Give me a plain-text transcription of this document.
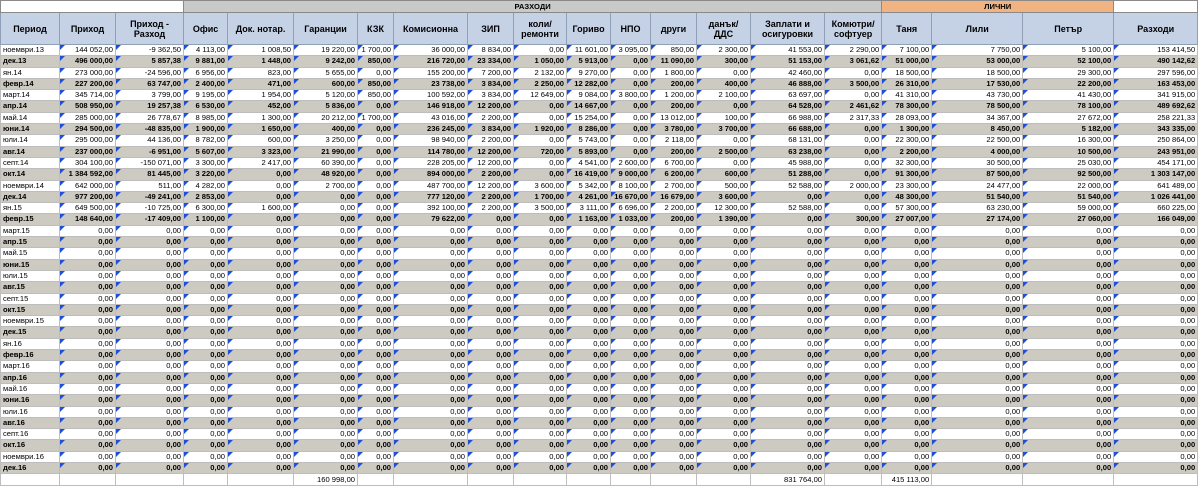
			РАЗХОДИ													ЛИЧНИ			
Период	Приход	Приход - Разход	Офис	Док. нотар.	Гаранции	КЗК	Комисионна	ЗИП	коли/ ремонти	Гориво	НПО	други	данък/ ДДС	Заплати и осигуровки	Комютри/ софтуер	Таня	Лили	Петър	Разходи
ноември.13	144 052,00	-9 362,50	4 113,00	1 008,50	19 220,00	1 700,00	36 000,00	8 834,00	0,00	11 601,00	3 095,00	850,00	2 300,00	41 553,00	2 290,00	7 100,00	7 750,00	5 100,00	153 414,50
дек.13	496 000,00	5 857,38	9 881,00	1 448,00	9 242,00	850,00	216 720,00	23 334,00	1 050,00	5 913,00	0,00	11 090,00	300,00	51 153,00	3 061,62	51 000,00	53 000,00	52 100,00	490 142,62
ян.14	273 000,00	-24 596,00	6 956,00	823,00	5 655,00	0,00	155 200,00	7 200,00	2 132,00	9 270,00	0,00	1 800,00	0,00	42 460,00	0,00	18 500,00	18 500,00	29 300,00	297 596,00
февр.14	227 200,00	63 747,00	2 400,00	471,00	600,00	850,00	23 738,00	3 834,00	2 250,00	12 282,00	0,00	200,00	400,00	46 888,00	3 500,00	26 310,00	17 530,00	22 200,00	163 453,00
март.14	345 714,00	3 799,00	9 195,00	1 954,00	5 120,00	850,00	100 592,00	3 834,00	12 649,00	9 084,00	3 800,00	1 200,00	2 100,00	63 697,00	0,00	41 310,00	43 730,00	41 430,00	341 915,00
апр.14	508 950,00	19 257,38	6 530,00	452,00	5 836,00	0,00	146 918,00	12 200,00	0,00	14 667,00	0,00	200,00	0,00	64 528,00	2 461,62	78 300,00	78 500,00	78 100,00	489 692,62
май.14	285 000,00	26 778,67	8 985,00	1 300,00	20 212,00	1 700,00	43 016,00	2 200,00	0,00	15 254,00	0,00	13 012,00	100,00	66 988,00	2 317,33	28 093,00	34 367,00	27 672,00	258 221,33
юни.14	294 500,00	-48 835,00	1 900,00	1 650,00	400,00	0,00	236 245,00	3 834,00	1 920,00	8 286,00	0,00	3 780,00	3 700,00	66 688,00	0,00	1 300,00	8 450,00	5 182,00	343 335,00
юли.14	295 000,00	44 136,00	8 782,00	600,00	3 250,00	0,00	98 940,00	2 200,00	0,00	5 743,00	0,00	2 118,00	0,00	68 131,00	0,00	22 300,00	22 500,00	16 300,00	250 864,00
авг.14	237 000,00	-6 951,00	5 607,00	3 323,00	21 990,00	0,00	114 780,00	12 200,00	720,00	5 893,00	0,00	200,00	2 500,00	63 238,00	0,00	2 200,00	4 000,00	10 500,00	243 951,00
септ.14	304 100,00	-150 071,00	3 300,00	2 417,00	60 390,00	0,00	228 205,00	12 200,00	0,00	4 541,00	2 600,00	6 700,00	0,00	45 988,00	0,00	32 300,00	30 500,00	25 030,00	454 171,00
окт.14	1 384 592,00	81 445,00	3 220,00	0,00	48 920,00	0,00	894 000,00	2 200,00	0,00	16 419,00	9 000,00	6 200,00	600,00	51 288,00	0,00	91 300,00	87 500,00	92 500,00	1 303 147,00
ноември.14	642 000,00	511,00	4 282,00	0,00	2 700,00	0,00	487 700,00	12 200,00	3 600,00	5 342,00	8 100,00	2 700,00	500,00	52 588,00	2 000,00	23 300,00	24 477,00	22 000,00	641 489,00
дек.14	977 200,00	-49 241,00	2 853,00	0,00	0,00	0,00	777 120,00	2 200,00	1 700,00	4 261,00	16 670,00	16 679,00	3 600,00	0,00	0,00	48 300,00	51 540,00	51 540,00	1 026 441,00
ян.15	649 500,00	-10 725,00	6 300,00	1 600,00	0,00	0,00	392 100,00	2 200,00	3 500,00	3 111,00	6 696,00	2 200,00	12 300,00	52 588,00	0,00	57 300,00	63 230,00	59 000,00	660 225,00
февр.15	148 640,00	-17 409,00	1 100,00	0,00	0,00	0,00	79 622,00	0,00	0,00	1 163,00	1 033,00	200,00	1 390,00	0,00	300,00	27 007,00	27 174,00	27 060,00	166 049,00
март.15	0,00	0,00	0,00	0,00	0,00	0,00	0,00	0,00	0,00	0,00	0,00	0,00	0,00	0,00	0,00	0,00	0,00	0,00	0,00
апр.15	0,00	0,00	0,00	0,00	0,00	0,00	0,00	0,00	0,00	0,00	0,00	0,00	0,00	0,00	0,00	0,00	0,00	0,00	0,00
май.15	0,00	0,00	0,00	0,00	0,00	0,00	0,00	0,00	0,00	0,00	0,00	0,00	0,00	0,00	0,00	0,00	0,00	0,00	0,00
юни.15	0,00	0,00	0,00	0,00	0,00	0,00	0,00	0,00	0,00	0,00	0,00	0,00	0,00	0,00	0,00	0,00	0,00	0,00	0,00
юли.15	0,00	0,00	0,00	0,00	0,00	0,00	0,00	0,00	0,00	0,00	0,00	0,00	0,00	0,00	0,00	0,00	0,00	0,00	0,00
авг.15	0,00	0,00	0,00	0,00	0,00	0,00	0,00	0,00	0,00	0,00	0,00	0,00	0,00	0,00	0,00	0,00	0,00	0,00	0,00
септ.15	0,00	0,00	0,00	0,00	0,00	0,00	0,00	0,00	0,00	0,00	0,00	0,00	0,00	0,00	0,00	0,00	0,00	0,00	0,00
окт.15	0,00	0,00	0,00	0,00	0,00	0,00	0,00	0,00	0,00	0,00	0,00	0,00	0,00	0,00	0,00	0,00	0,00	0,00	0,00
ноември.15	0,00	0,00	0,00	0,00	0,00	0,00	0,00	0,00	0,00	0,00	0,00	0,00	0,00	0,00	0,00	0,00	0,00	0,00	0,00
дек.15	0,00	0,00	0,00	0,00	0,00	0,00	0,00	0,00	0,00	0,00	0,00	0,00	0,00	0,00	0,00	0,00	0,00	0,00	0,00
ян.16	0,00	0,00	0,00	0,00	0,00	0,00	0,00	0,00	0,00	0,00	0,00	0,00	0,00	0,00	0,00	0,00	0,00	0,00	0,00
февр.16	0,00	0,00	0,00	0,00	0,00	0,00	0,00	0,00	0,00	0,00	0,00	0,00	0,00	0,00	0,00	0,00	0,00	0,00	0,00
март.16	0,00	0,00	0,00	0,00	0,00	0,00	0,00	0,00	0,00	0,00	0,00	0,00	0,00	0,00	0,00	0,00	0,00	0,00	0,00
апр.16	0,00	0,00	0,00	0,00	0,00	0,00	0,00	0,00	0,00	0,00	0,00	0,00	0,00	0,00	0,00	0,00	0,00	0,00	0,00
май.16	0,00	0,00	0,00	0,00	0,00	0,00	0,00	0,00	0,00	0,00	0,00	0,00	0,00	0,00	0,00	0,00	0,00	0,00	0,00
юни.16	0,00	0,00	0,00	0,00	0,00	0,00	0,00	0,00	0,00	0,00	0,00	0,00	0,00	0,00	0,00	0,00	0,00	0,00	0,00
юли.16	0,00	0,00	0,00	0,00	0,00	0,00	0,00	0,00	0,00	0,00	0,00	0,00	0,00	0,00	0,00	0,00	0,00	0,00	0,00
авг.16	0,00	0,00	0,00	0,00	0,00	0,00	0,00	0,00	0,00	0,00	0,00	0,00	0,00	0,00	0,00	0,00	0,00	0,00	0,00
септ.16	0,00	0,00	0,00	0,00	0,00	0,00	0,00	0,00	0,00	0,00	0,00	0,00	0,00	0,00	0,00	0,00	0,00	0,00	0,00
окт.16	0,00	0,00	0,00	0,00	0,00	0,00	0,00	0,00	0,00	0,00	0,00	0,00	0,00	0,00	0,00	0,00	0,00	0,00	0,00
ноември.16	0,00	0,00	0,00	0,00	0,00	0,00	0,00	0,00	0,00	0,00	0,00	0,00	0,00	0,00	0,00	0,00	0,00	0,00	0,00
дек.16	0,00	0,00	0,00	0,00	0,00	0,00	0,00	0,00	0,00	0,00	0,00	0,00	0,00	0,00	0,00	0,00	0,00	0,00	0,00
					160 998,00									831 764,00		415 113,00			
